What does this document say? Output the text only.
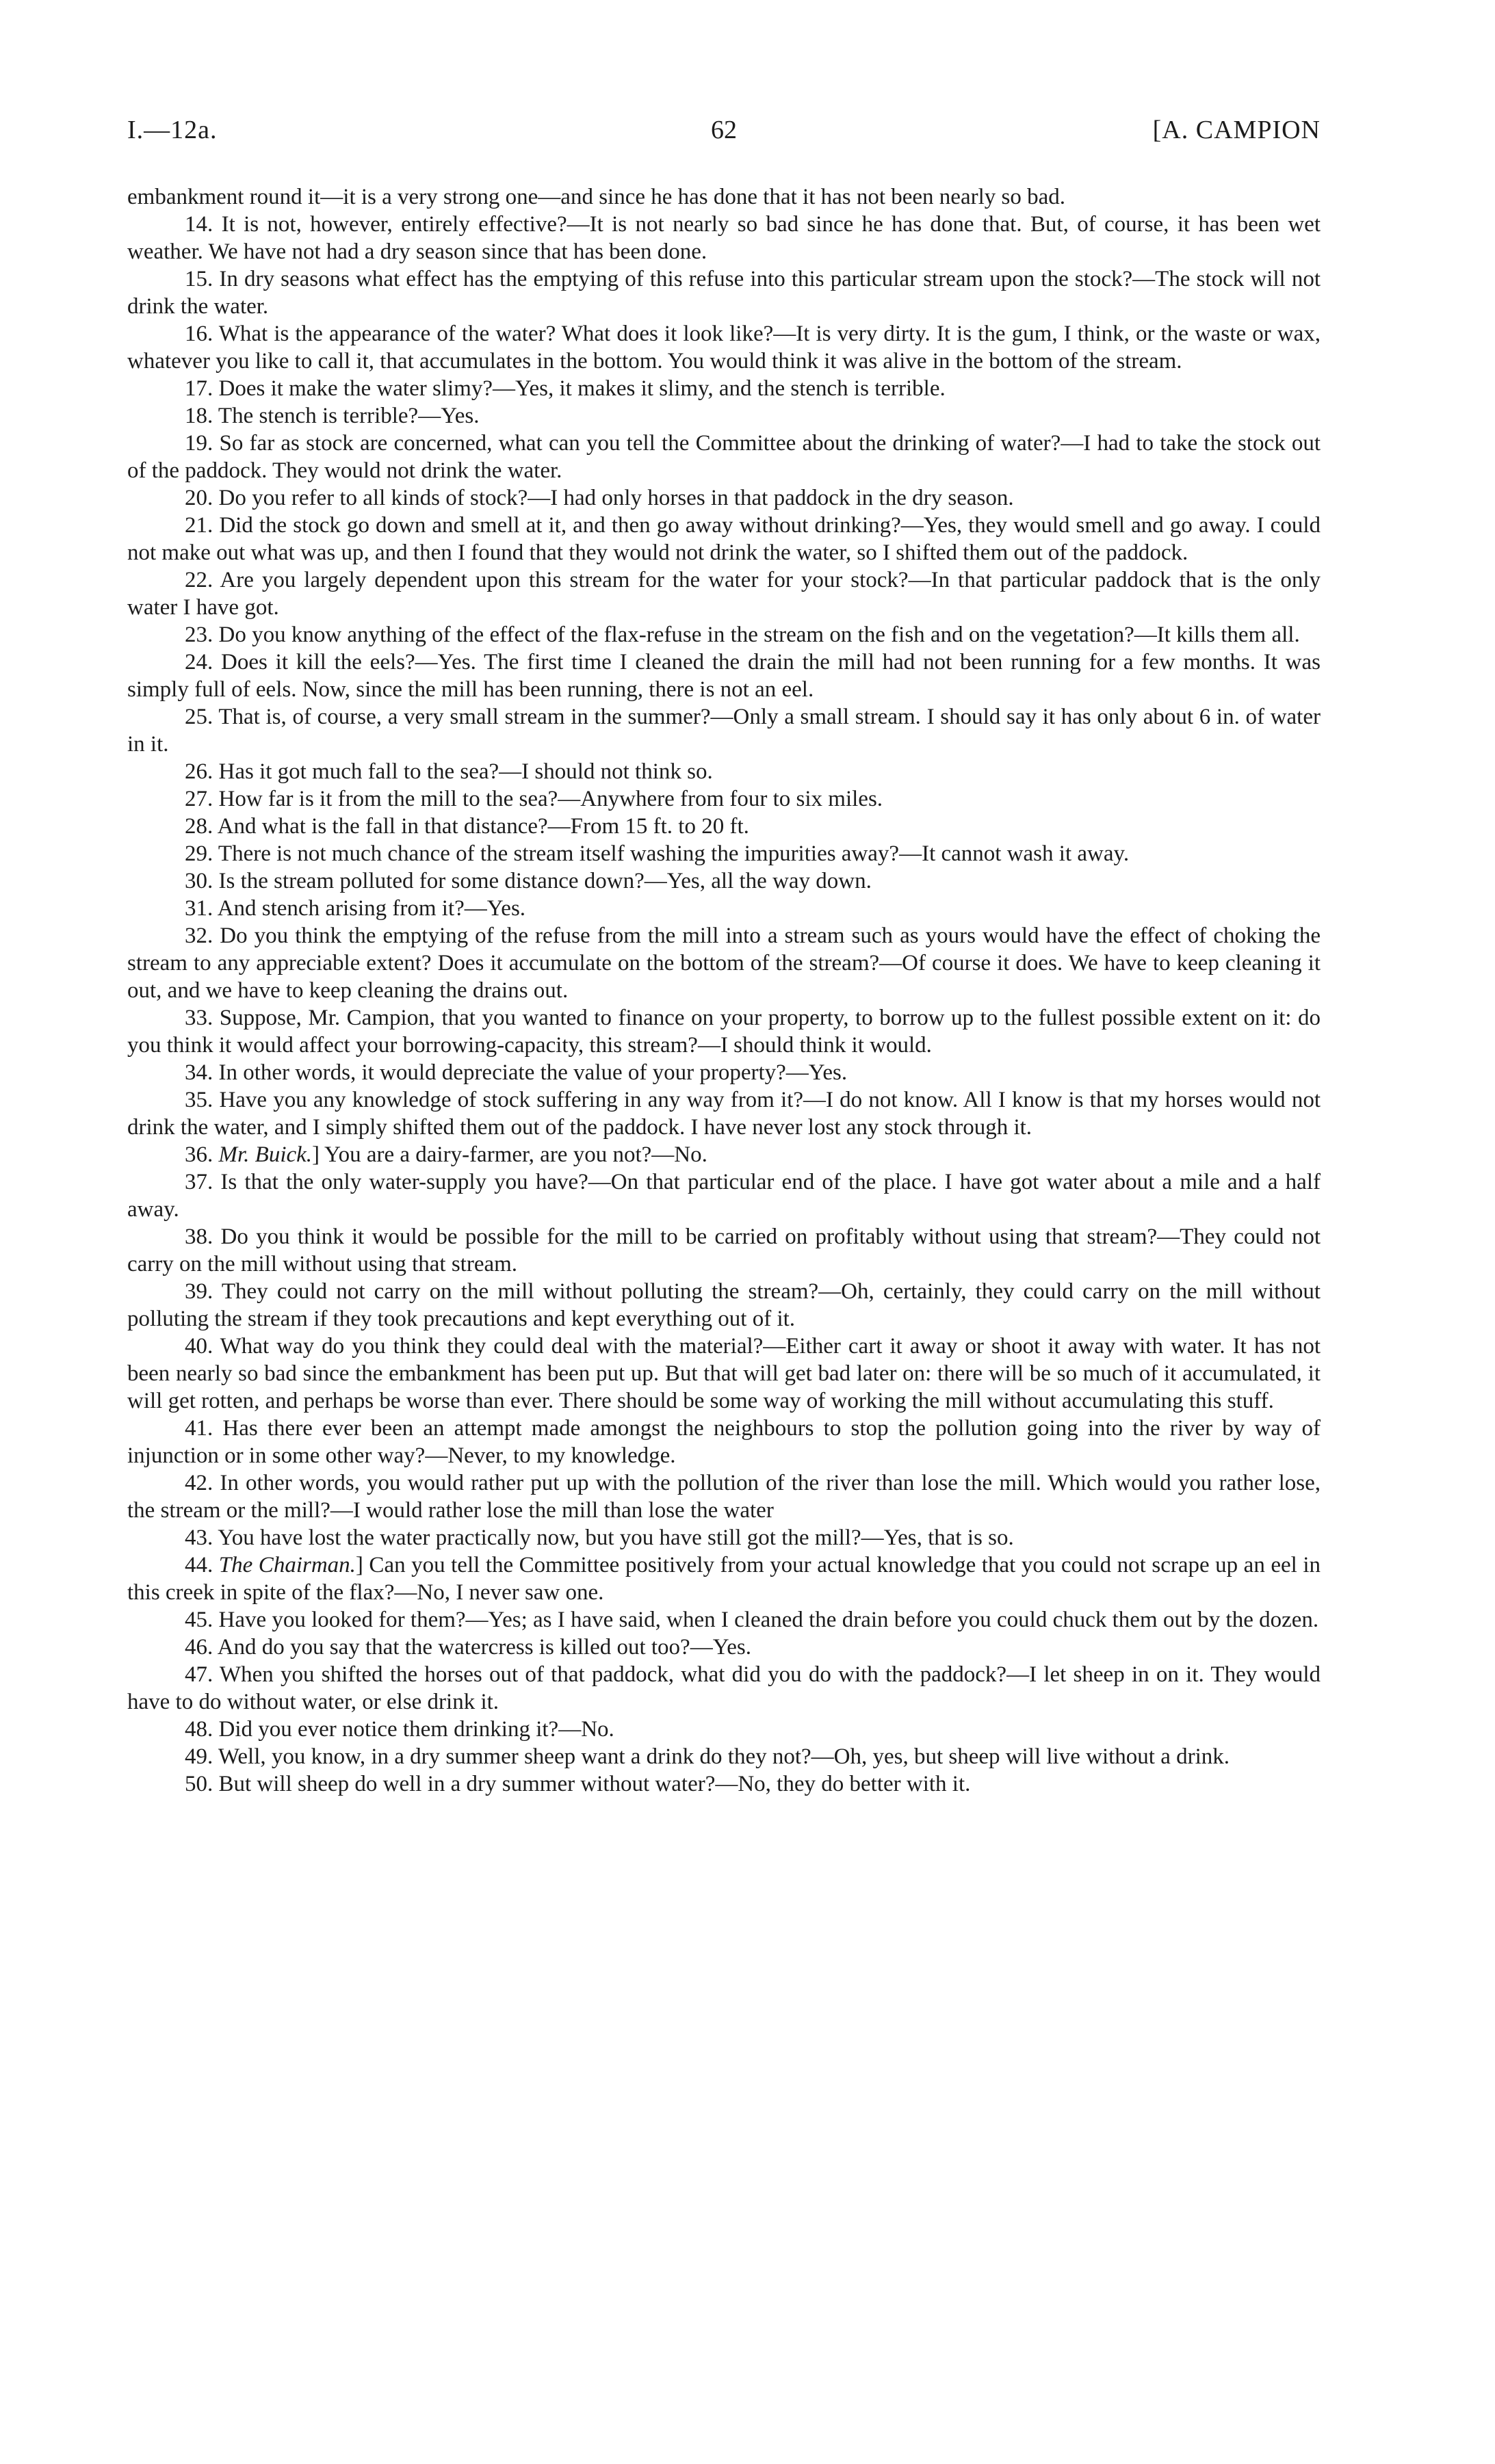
I.—12a.	62	[A. CAMPION

embankment round it—it is a very strong one—and since he has done that it has not been nearly so bad.

14. It is not, however, entirely effective?—It is not nearly so bad since he has done that. But, of course, it has been wet weather. We have not had a dry season since that has been done.

15. In dry seasons what effect has the emptying of this refuse into this particular stream upon the stock?—The stock will not drink the water.

16. What is the appearance of the water? What does it look like?—It is very dirty. It is the gum, I think, or the waste or wax, whatever you like to call it, that accumulates in the bottom. You would think it was alive in the bottom of the stream.

17. Does it make the water slimy?—Yes, it makes it slimy, and the stench is terrible.

18. The stench is terrible?—Yes.

19. So far as stock are concerned, what can you tell the Committee about the drinking of water?—I had to take the stock out of the paddock. They would not drink the water.

20. Do you refer to all kinds of stock?—I had only horses in that paddock in the dry season.

21. Did the stock go down and smell at it, and then go away without drinking?—Yes, they would smell and go away. I could not make out what was up, and then I found that they would not drink the water, so I shifted them out of the paddock.

22. Are you largely dependent upon this stream for the water for your stock?—In that particular paddock that is the only water I have got.

23. Do you know anything of the effect of the flax-refuse in the stream on the fish and on the vegetation?—It kills them all.

24. Does it kill the eels?—Yes. The first time I cleaned the drain the mill had not been running for a few months. It was simply full of eels. Now, since the mill has been running, there is not an eel.

25. That is, of course, a very small stream in the summer?—Only a small stream. I should say it has only about 6 in. of water in it.

26. Has it got much fall to the sea?—I should not think so.

27. How far is it from the mill to the sea?—Anywhere from four to six miles.

28. And what is the fall in that distance?—From 15 ft. to 20 ft.

29. There is not much chance of the stream itself washing the impurities away?—It cannot wash it away.

30. Is the stream polluted for some distance down?—Yes, all the way down.

31. And stench arising from it?—Yes.

32. Do you think the emptying of the refuse from the mill into a stream such as yours would have the effect of choking the stream to any appreciable extent? Does it accumulate on the bottom of the stream?—Of course it does. We have to keep cleaning it out, and we have to keep cleaning the drains out.

33. Suppose, Mr. Campion, that you wanted to finance on your property, to borrow up to the fullest possible extent on it: do you think it would affect your borrowing-capacity, this stream?—I should think it would.

34. In other words, it would depreciate the value of your property?—Yes.

35. Have you any knowledge of stock suffering in any way from it?—I do not know. All I know is that my horses would not drink the water, and I simply shifted them out of the paddock. I have never lost any stock through it.

36. Mr. Buick.] You are a dairy-farmer, are you not?—No.

37. Is that the only water-supply you have?—On that particular end of the place. I have got water about a mile and a half away.

38. Do you think it would be possible for the mill to be carried on profitably without using that stream?—They could not carry on the mill without using that stream.

39. They could not carry on the mill without polluting the stream?—Oh, certainly, they could carry on the mill without polluting the stream if they took precautions and kept everything out of it.

40. What way do you think they could deal with the material?—Either cart it away or shoot it away with water. It has not been nearly so bad since the embankment has been put up. But that will get bad later on: there will be so much of it accumulated, it will get rotten, and perhaps be worse than ever. There should be some way of working the mill without accumulating this stuff.

41. Has there ever been an attempt made amongst the neighbours to stop the pollution going into the river by way of injunction or in some other way?—Never, to my knowledge.

42. In other words, you would rather put up with the pollution of the river than lose the mill. Which would you rather lose, the stream or the mill?—I would rather lose the mill than lose the water

43. You have lost the water practically now, but you have still got the mill?—Yes, that is so.

44. The Chairman.] Can you tell the Committee positively from your actual knowledge that you could not scrape up an eel in this creek in spite of the flax?—No, I never saw one.

45. Have you looked for them?—Yes; as I have said, when I cleaned the drain before you could chuck them out by the dozen.

46. And do you say that the watercress is killed out too?—Yes.

47. When you shifted the horses out of that paddock, what did you do with the paddock?—I let sheep in on it. They would have to do without water, or else drink it.

48. Did you ever notice them drinking it?—No.

49. Well, you know, in a dry summer sheep want a drink do they not?—Oh, yes, but sheep will live without a drink.

50. But will sheep do well in a dry summer without water?—No, they do better with it.
